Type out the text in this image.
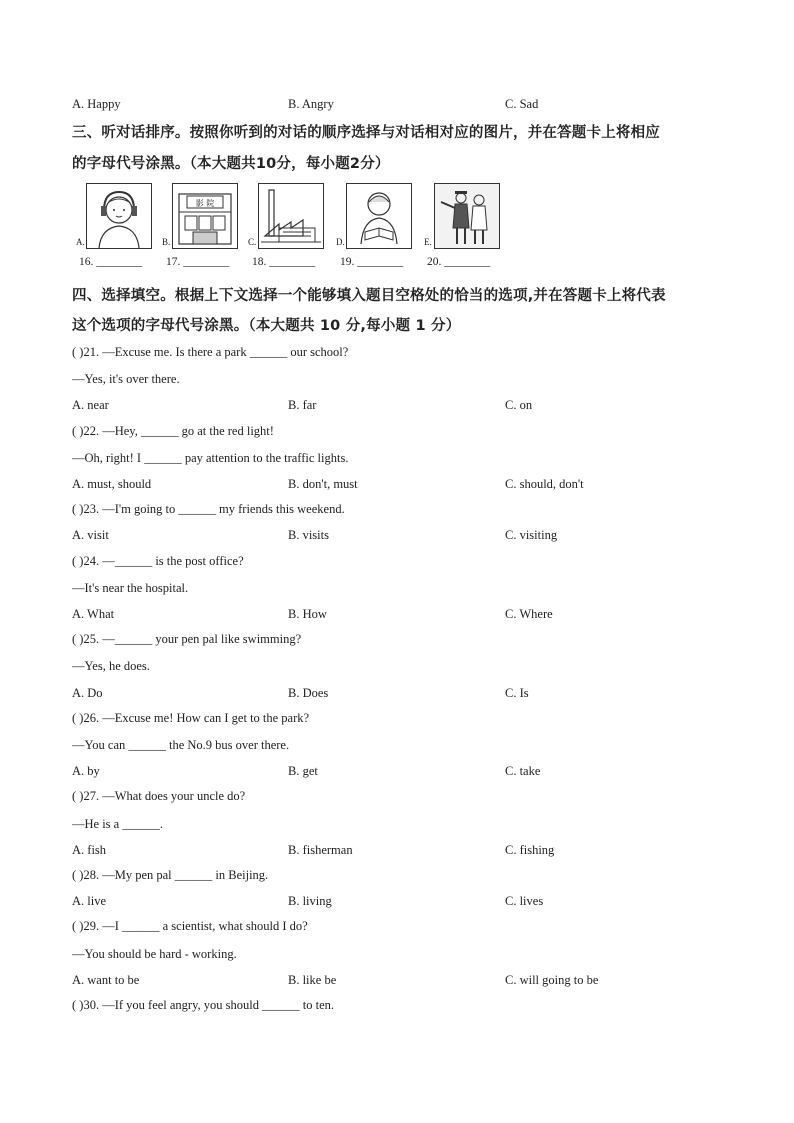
A. Happy	B. Angry	C. Sad
三、听对话排序。按照你听到的对话的顺序选择与对话相对应的图片，并在答题卡上将相应
的字母代号涂黑。（本大题共10分，每小题2分）
影 院
A.	B.	C.	D.	E.
16. ________ 17. ________ 18. ________ 19. ________ 20. ________
四、选择填空。根据上下文选择一个能够填入题目空格处的恰当的选项,并在答题卡上将代表
这个选项的字母代号涂黑。（本大题共 10 分,每小题 1 分）
( )21. —Excuse me. Is there a park ______ our school?
—Yes, it's over there.
A. near	B. far	C. on
( )22. —Hey, ______ go at the red light!
—Oh, right! I ______ pay attention to the traffic lights.
A. must, should	B. don't, must	C. should, don't
( )23. —I'm going to ______ my friends this weekend.
A. visit	B. visits	C. visiting
( )24. —______ is the post office?
—It's near the hospital.
A. What	B. How	C. Where
( )25. —______ your pen pal like swimming?
—Yes, he does.
A. Do	B. Does	C. Is
( )26. —Excuse me! How can I get to the park?
—You can ______ the No.9 bus over there.
A. by	B. get	C. take
( )27. —What does your uncle do?
—He is a ______.
A. fish	B. fisherman	C. fishing
( )28. —My pen pal ______ in Beijing.
A. live	B. living	C. lives
( )29. —I ______ a scientist, what should I do?
—You should be hard - working.
A. want to be	B. like be	C. will going to be
( )30. —If you feel angry, you should ______ to ten.
